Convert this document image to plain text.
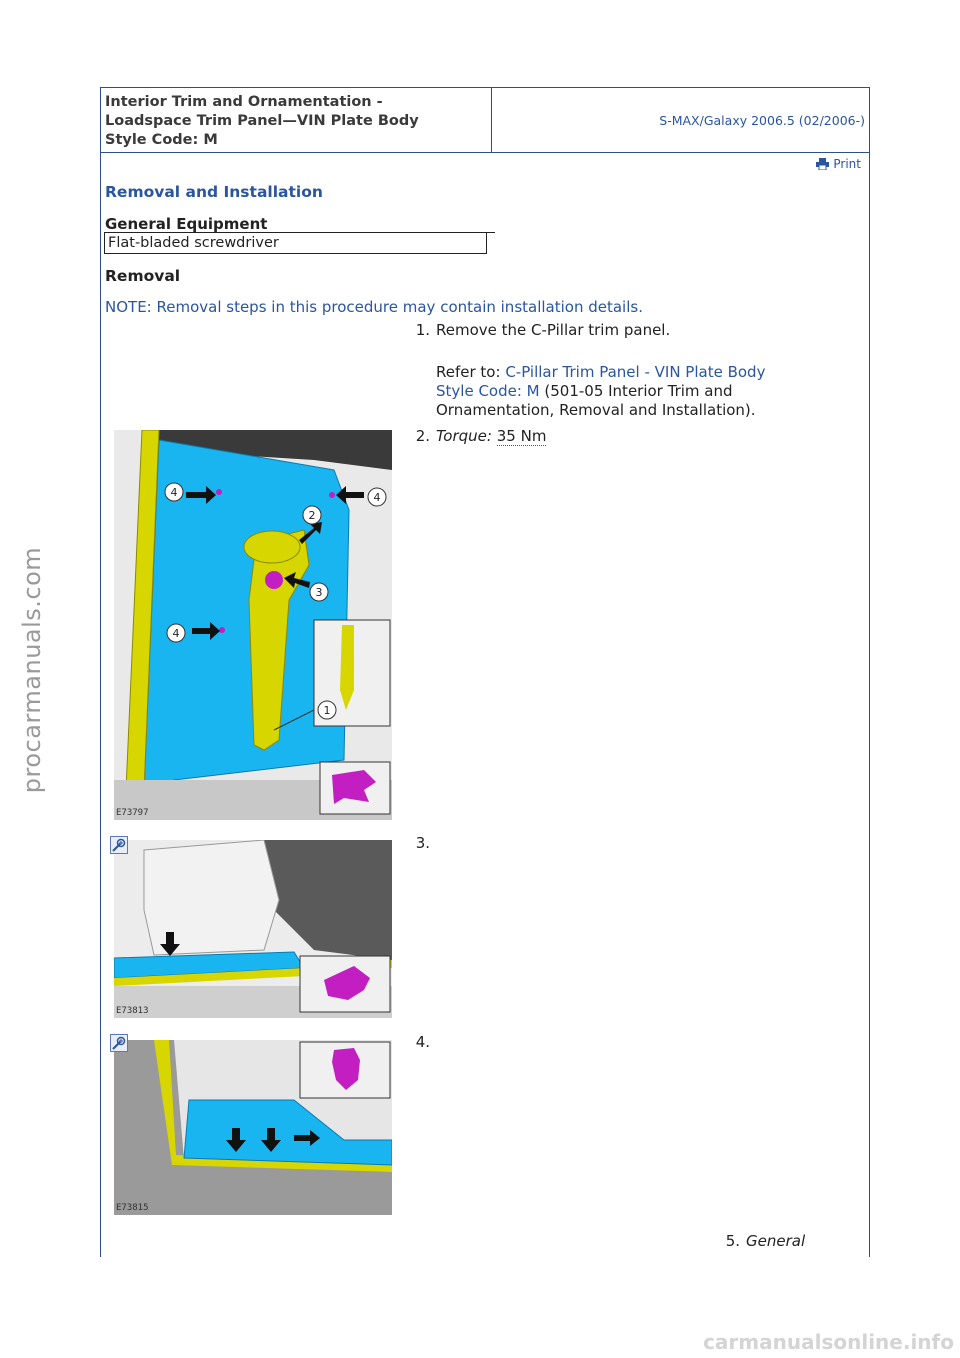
procarmanuals.com
carmanualsonline.info
Interior Trim and Ornamentation -
Loadspace Trim Panel—VIN Plate Body
Style Code: M
S-MAX/Galaxy 2006.5 (02/2006-)
Print
Removal and Installation
General Equipment
Flat-bladed screwdriver
Removal
NOTE: Removal steps in this procedure may contain installation details.
1. Remove the C-Pillar trim panel.
Refer to: C-Pillar Trim Panel - VIN Plate Body Style Code: M (501-05 Interior Trim and Ornamentation, Removal and Installation).
2. Torque: 35 Nm
E73797
4	4
2
3
4
1
3.
E73813
4.
E73815
5. General
